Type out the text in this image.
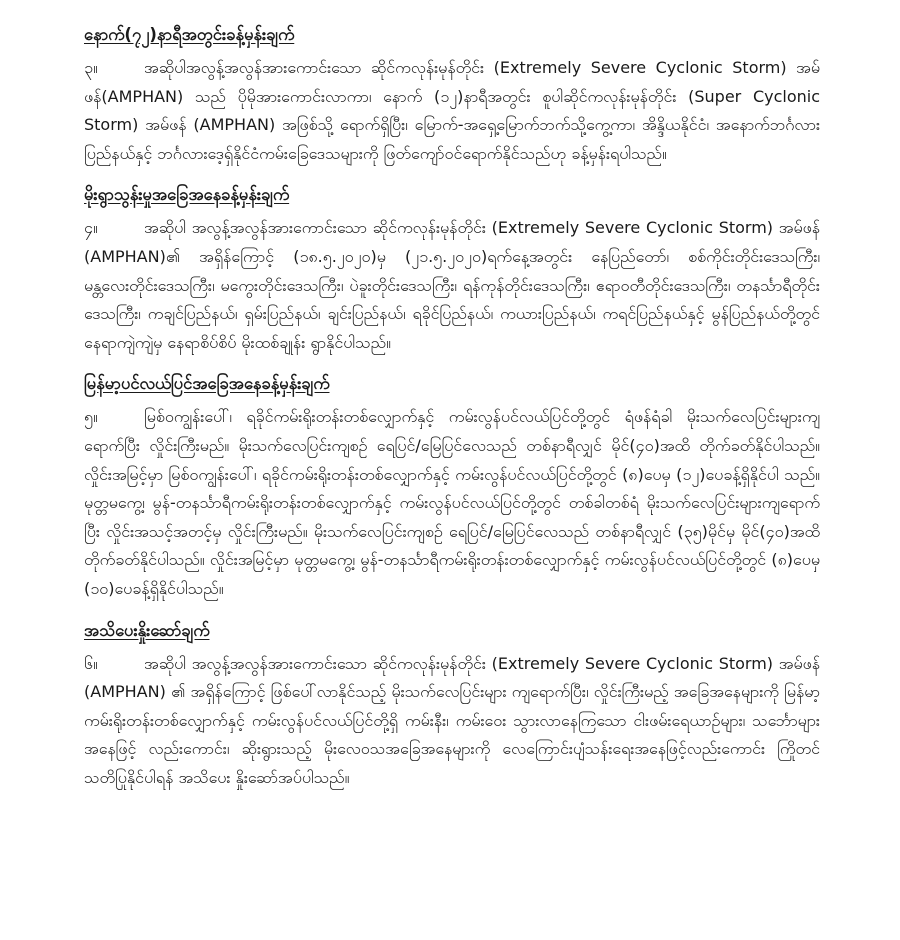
နောက်(၇၂)နာရီအတွင်းခန့်မှန်းချက်

၃။	အဆိုပါအလွန့်အလွန်အားကောင်းသော ဆိုင်ကလုန်းမုန်တိုင်း (Extremely Severe Cyclonic Storm) အမ်ဖန်(AMPHAN) သည် ပိုမိုအားကောင်းလာကာ၊ နောက် (၁၂)နာရီအတွင်း စူပါဆိုင်ကလုန်းမုန်တိုင်း (Super Cyclonic Storm) အမ်ဖန် (AMPHAN) အဖြစ်သို့ ရောက်ရှိပြီး၊ မြောက်-အရှေ့မြောက်ဘက်သို့ကွေ့ကာ၊ အိန္ဒိယနိုင်ငံ၊ အနောက်ဘင်္ဂလားပြည်နယ်နှင့် ဘင်္ဂလားဒေ့ရှ်နိုင်ငံကမ်းခြေဒေသများကို ဖြတ်ကျော်ဝင်ရောက်နိုင်သည်ဟု ခန့်မှန်းရပါသည်။

မိုးရွာသွန်းမှုအခြေအနေခန့်မှန်းချက်

၄။	အဆိုပါ အလွန့်အလွန်အားကောင်းသော ဆိုင်ကလုန်းမုန်တိုင်း (Extremely Severe Cyclonic Storm) အမ်ဖန် (AMPHAN)၏ အရှိန်ကြောင့် (၁၈.၅.၂၀၂၀)မှ (၂၁.၅.၂၀၂၀)ရက်နေ့အတွင်း နေပြည်တော်၊ စစ်ကိုင်းတိုင်းဒေသကြီး၊ မန္တလေးတိုင်းဒေသကြီး၊ မကွေးတိုင်းဒေသကြီး၊ ပဲခူးတိုင်းဒေသကြီး၊ ရန်ကုန်တိုင်းဒေသကြီး၊ ဧရာဝတီတိုင်းဒေသကြီး၊ တနင်္သာရီတိုင်းဒေသကြီး၊ ကချင်ပြည်နယ်၊ ရှမ်းပြည်နယ်၊ ချင်းပြည်နယ်၊ ရခိုင်ပြည်နယ်၊ ကယားပြည်နယ်၊ ကရင်ပြည်နယ်နှင့် မွန်ပြည်နယ်တို့တွင် နေရာကျဲကျဲမှ နေရာစိပ်စိပ် မိုးထစ်ချုန်း ရွာနိုင်ပါသည်။

မြန်မာ့ပင်လယ်ပြင်အခြေအနေခန့်မှန်းချက်

၅။	မြစ်ဝကျွန်းပေါ်၊ ရခိုင်ကမ်းရိုးတန်းတစ်လျှောက်နှင့် ကမ်းလွန်ပင်လယ်ပြင်တို့တွင် ရံဖန်ရံခါ မိုးသက်လေပြင်းများကျရောက်ပြီး လှိုင်းကြီးမည်။ မိုးသက်လေပြင်းကျစဉ် ရေပြင်/မြေပြင်လေသည် တစ်နာရီလျှင် မိုင်(၄၀)အထိ တိုက်ခတ်နိုင်ပါသည်။ လှိုင်းအမြင့်မှာ မြစ်ဝကျွန်းပေါ်၊ ရခိုင်ကမ်းရိုးတန်းတစ်လျှောက်နှင့် ကမ်းလွန်ပင်လယ်ပြင်တို့တွင် (၈)ပေမှ (၁၂)ပေခန့်ရှိနိုင်ပါ သည်။ မုတ္တမကွေ့၊ မွန်-တနင်္သာရီကမ်းရိုးတန်းတစ်လျှောက်နှင့် ကမ်းလွန်ပင်လယ်ပြင်တို့တွင် တစ်ခါတစ်ရံ မိုးသက်လေပြင်းများကျရောက်ပြီး လှိုင်းအသင့်အတင့်မှ လှိုင်းကြီးမည်။ မိုးသက်လေပြင်းကျစဉ် ရေပြင်/မြေပြင်လေသည် တစ်နာရီလျှင် (၃၅)မိုင်မှ မိုင်(၄၀)အထိ တိုက်ခတ်နိုင်ပါသည်။ လှိုင်းအမြင့်မှာ မုတ္တမကွေ့၊ မွန်-တနင်္သာရီကမ်းရိုးတန်းတစ်လျှောက်နှင့် ကမ်းလွန်ပင်လယ်ပြင်တို့တွင် (၈)ပေမှ (၁၀)ပေခန့်ရှိနိုင်ပါသည်။

အသိပေးနှိုးဆော်ချက်

၆။	အဆိုပါ အလွန့်အလွန်အားကောင်းသော ဆိုင်ကလုန်းမုန်တိုင်း (Extremely Severe Cyclonic Storm) အမ်ဖန် (AMPHAN) ၏ အရှိန်ကြောင့် ဖြစ်ပေါ်လာနိုင်သည့် မိုးသက်လေပြင်းများ ကျရောက်ပြီး၊ လှိုင်းကြီးမည့် အခြေအနေများကို မြန်မာ့ကမ်းရိုးတန်းတစ်လျှောက်နှင့် ကမ်းလွန်ပင်လယ်ပြင်တို့ရှိ ကမ်းနီး၊ ကမ်းဝေး သွားလာနေကြသော ငါးဖမ်းရေယာဉ်များ၊ သင်္ဘောများအနေဖြင့် လည်းကောင်း၊ ဆိုးရွားသည့် မိုးလေဝသအခြေအနေများကို လေကြောင်းပျံသန်းရေးအနေဖြင့်လည်းကောင်း ကြိုတင်သတိပြုနိုင်ပါရန် အသိပေး နှိုးဆော်အပ်ပါသည်။
